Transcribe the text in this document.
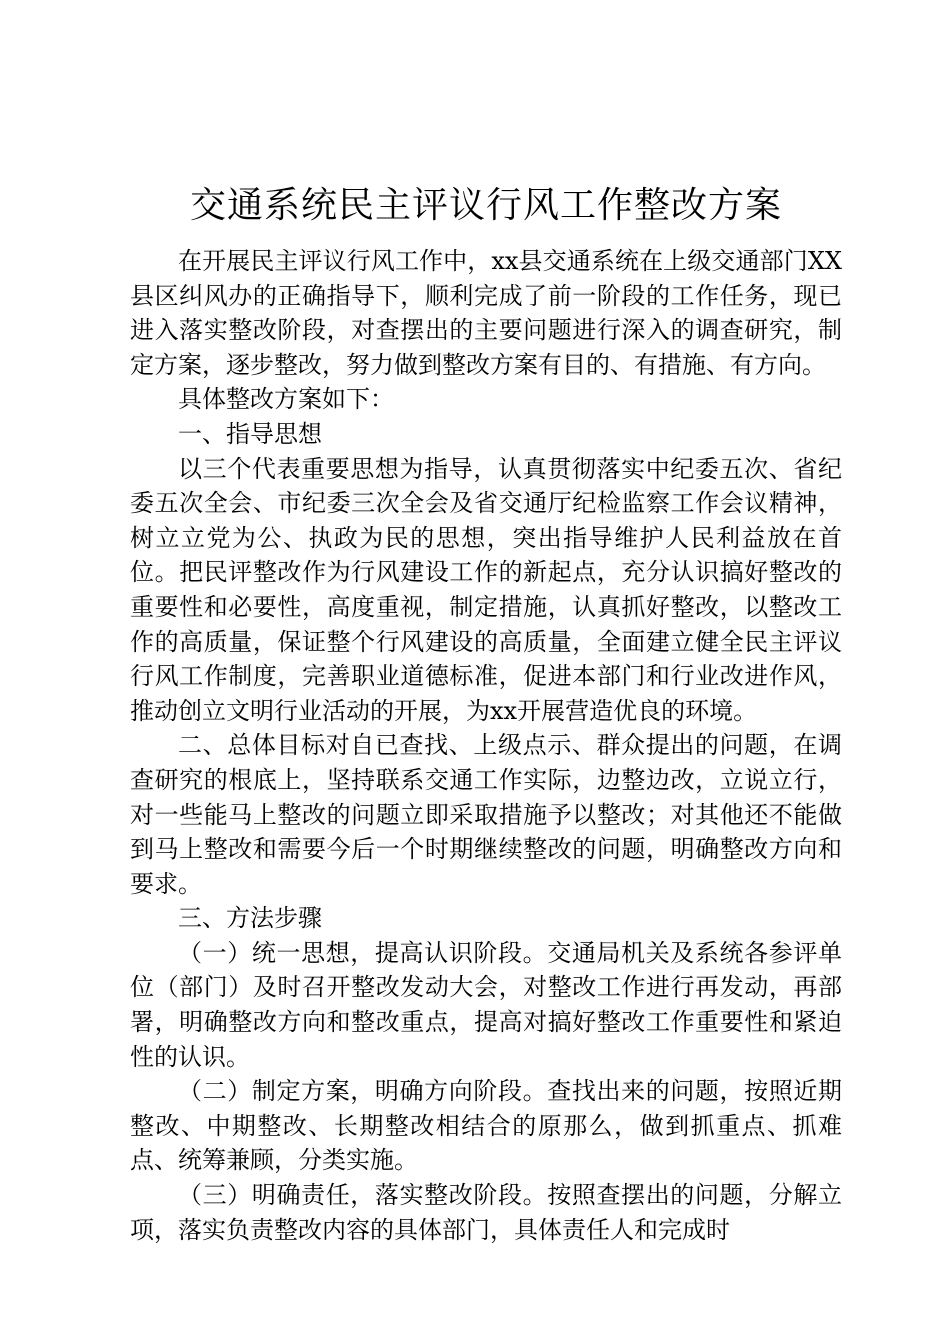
交通系统民主评议行风工作整改方案

在开展民主评议行风工作中，xx县交通系统在上级交通部门XX县区纠风办的正确指导下，顺利完成了前一阶段的工作任务，现已进入落实整改阶段，对查摆出的主要问题进行深入的调查研究，制定方案，逐步整改，努力做到整改方案有目的、有措施、有方向。

具体整改方案如下：

一、指导思想

以三个代表重要思想为指导，认真贯彻落实中纪委五次、省纪委五次全会、市纪委三次全会及省交通厅纪检监察工作会议精神，树立立党为公、执政为民的思想，突出指导维护人民利益放在首位。把民评整改作为行风建设工作的新起点，充分认识搞好整改的重要性和必要性，高度重视，制定措施，认真抓好整改，以整改工作的高质量，保证整个行风建设的高质量，全面建立健全民主评议行风工作制度，完善职业道德标准，促进本部门和行业改进作风，推动创立文明行业活动的开展，为xx开展营造优良的环境。

二、总体目标对自已查找、上级点示、群众提出的问题，在调查研究的根底上，坚持联系交通工作实际，边整边改，立说立行，对一些能马上整改的问题立即采取措施予以整改；对其他还不能做到马上整改和需要今后一个时期继续整改的问题，明确整改方向和要求。

三、方法步骤

（一）统一思想，提高认识阶段。交通局机关及系统各参评单位（部门）及时召开整改发动大会，对整改工作进行再发动，再部署，明确整改方向和整改重点，提高对搞好整改工作重要性和紧迫性的认识。

（二）制定方案，明确方向阶段。查找出来的问题，按照近期整改、中期整改、长期整改相结合的原那么，做到抓重点、抓难点、统筹兼顾，分类实施。

（三）明确责任，落实整改阶段。按照查摆出的问题，分解立项，落实负责整改内容的具体部门，具体责任人和完成时
